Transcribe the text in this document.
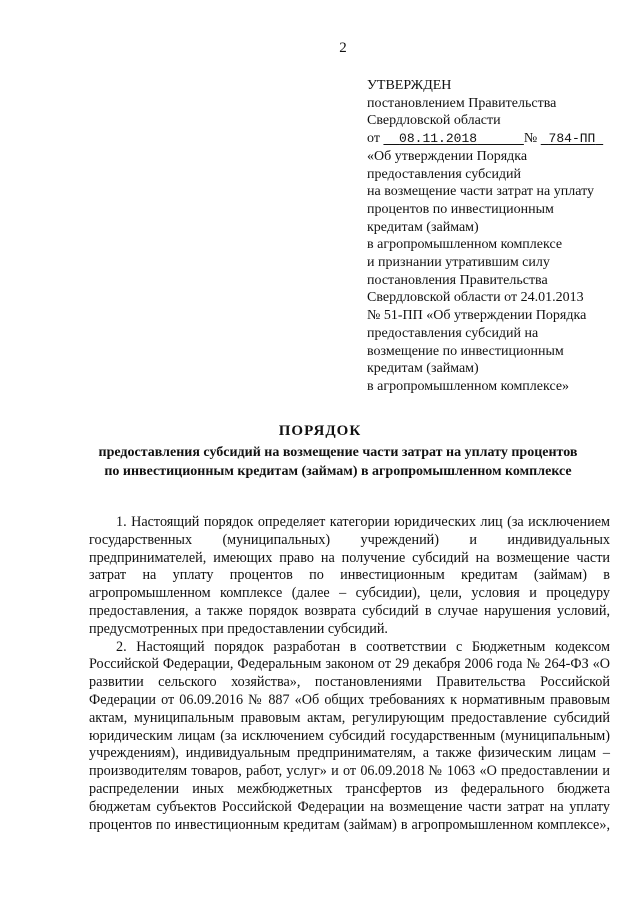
2
УТВЕРЖДЕН
постановлением Правительства
Свердловской области
от 08.11.2018	№ 784-ПП
«Об утверждении Порядка
предоставления субсидий
на возмещение части затрат на уплату
процентов по инвестиционным
кредитам (займам)
в агропромышленном комплексе
и признании утратившим силу
постановления Правительства
Свердловской области от 24.01.2013
№ 51-ПП «Об утверждении Порядка
предоставления субсидий на
возмещение по инвестиционным
кредитам (займам)
в агропромышленном комплексе»
ПОРЯДОК
предоставления субсидий на возмещение части затрат на уплату процентов
по инвестиционным кредитам (займам) в агропромышленном комплексе

1. Настоящий порядок определяет категории юридических лиц (за исключением государственных (муниципальных) учреждений) и индивидуальных предпринимателей, имеющих право на получение субсидий на возмещение части затрат на уплату процентов по инвестиционным кредитам (займам) в агропромышленном комплексе (далее – субсидии), цели, условия и процедуру предоставления, а также порядок возврата субсидий в случае нарушения условий, предусмотренных при предоставлении субсидий.

2. Настоящий порядок разработан в соответствии с Бюджетным кодексом Российской Федерации, Федеральным законом от 29 декабря 2006 года № 264-ФЗ «О развитии сельского хозяйства», постановлениями Правительства Российской Федерации от 06.09.2016 № 887 «Об общих требованиях к нормативным правовым актам, муниципальным правовым актам, регулирующим предоставление субсидий юридическим лицам (за исключением субсидий государственным (муниципальным) учреждениям), индивидуальным предпринимателям, а также физическим лицам – производителям товаров, работ, услуг» и от 06.09.2018 № 1063 «О предоставлении и распределении иных межбюджетных трансфертов из федерального бюджета бюджетам субъектов Российской Федерации на возмещение части затрат на уплату процентов по инвестиционным кредитам (займам) в агропромышленном комплексе»,
